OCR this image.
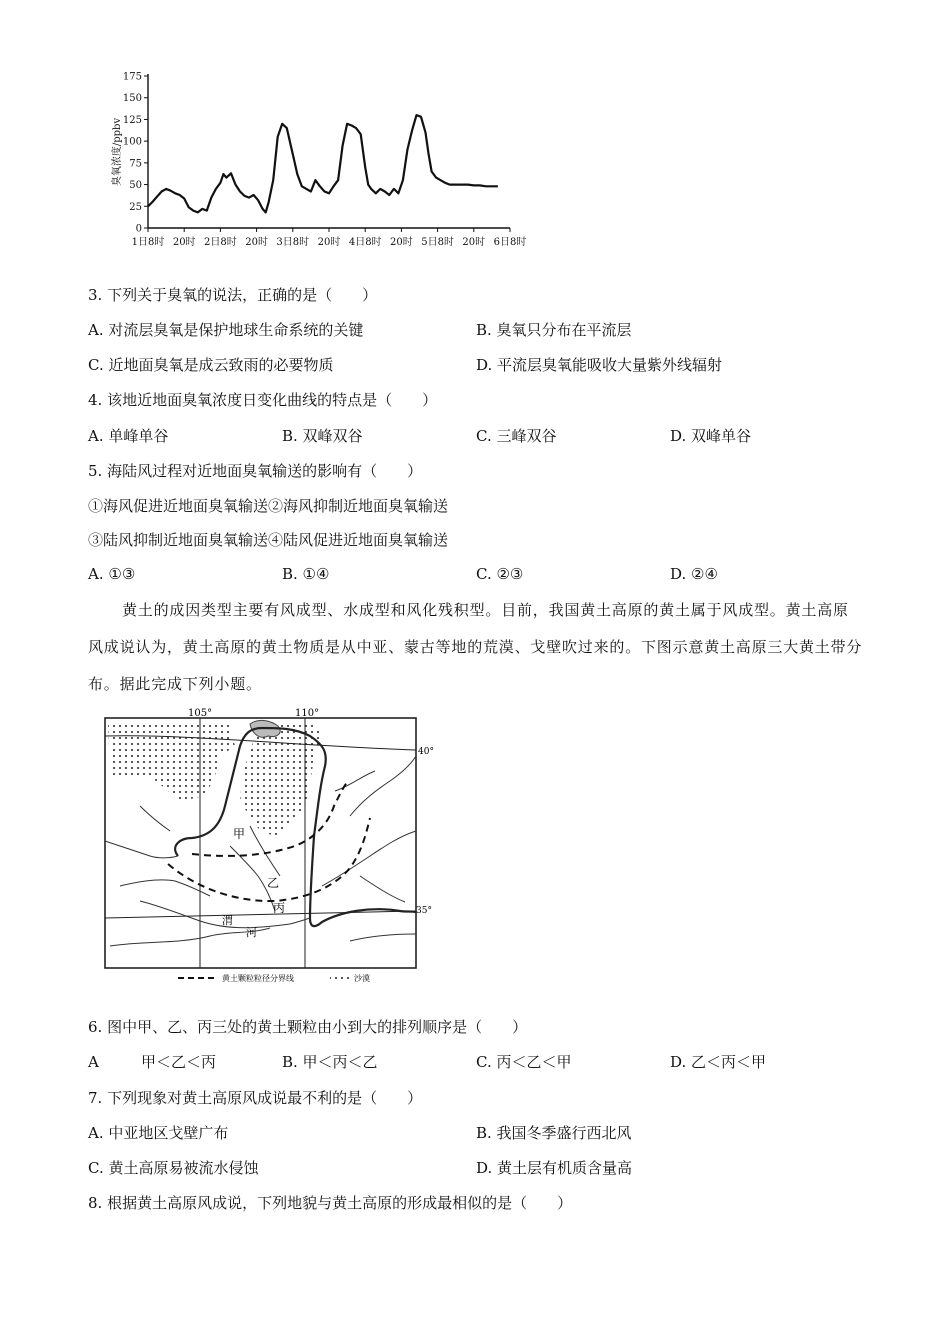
175
150
125
100
75
50
25
0
1日8时 20时 2日8时 20时 3日8时 20时 4日8时 20时 5日8时 20时 6日8时
臭氧浓度/ppbv
3. 下列关于臭氧的说法，正确的是（　　）
A. 对流层臭氧是保护地球生命系统的关键	B. 臭氧只分布在平流层
C. 近地面臭氧是成云致雨的必要物质	D. 平流层臭氧能吸收大量紫外线辐射
4. 该地近地面臭氧浓度日变化曲线的特点是（　　）
A. 单峰单谷	B. 双峰双谷	C. 三峰双谷	D. 双峰单谷
5. 海陆风过程对近地面臭氧输送的影响有（　　）
①海风促进近地面臭氧输送②海风抑制近地面臭氧输送
③陆风抑制近地面臭氧输送④陆风促进近地面臭氧输送
A. ①③	B. ①④	C. ②③	D. ②④
黄土的成因类型主要有风成型、水成型和风化残积型。目前，我国黄土高原的黄土属于风成型。黄土高原风成说认为，黄土高原的黄土物质是从中亚、蒙古等地的荒漠、戈壁吹过来的。下图示意黄土高原三大黄土带分布。据此完成下列小题。
105°	110°
40°
35°
甲
乙
丙
渭
河
黄土颗粒粒径分界线	沙漠
6. 图中甲、乙、丙三处的黄土颗粒由小到大的排列顺序是（　　）
A	甲＜乙＜丙	B. 甲＜丙＜乙	C. 丙＜乙＜甲	D. 乙＜丙＜甲
7. 下列现象对黄土高原风成说最不利的是（　　）
A. 中亚地区戈壁广布	B. 我国冬季盛行西北风
C. 黄土高原易被流水侵蚀	D. 黄土层有机质含量高
8. 根据黄土高原风成说，下列地貌与黄土高原的形成最相似的是（　　）
